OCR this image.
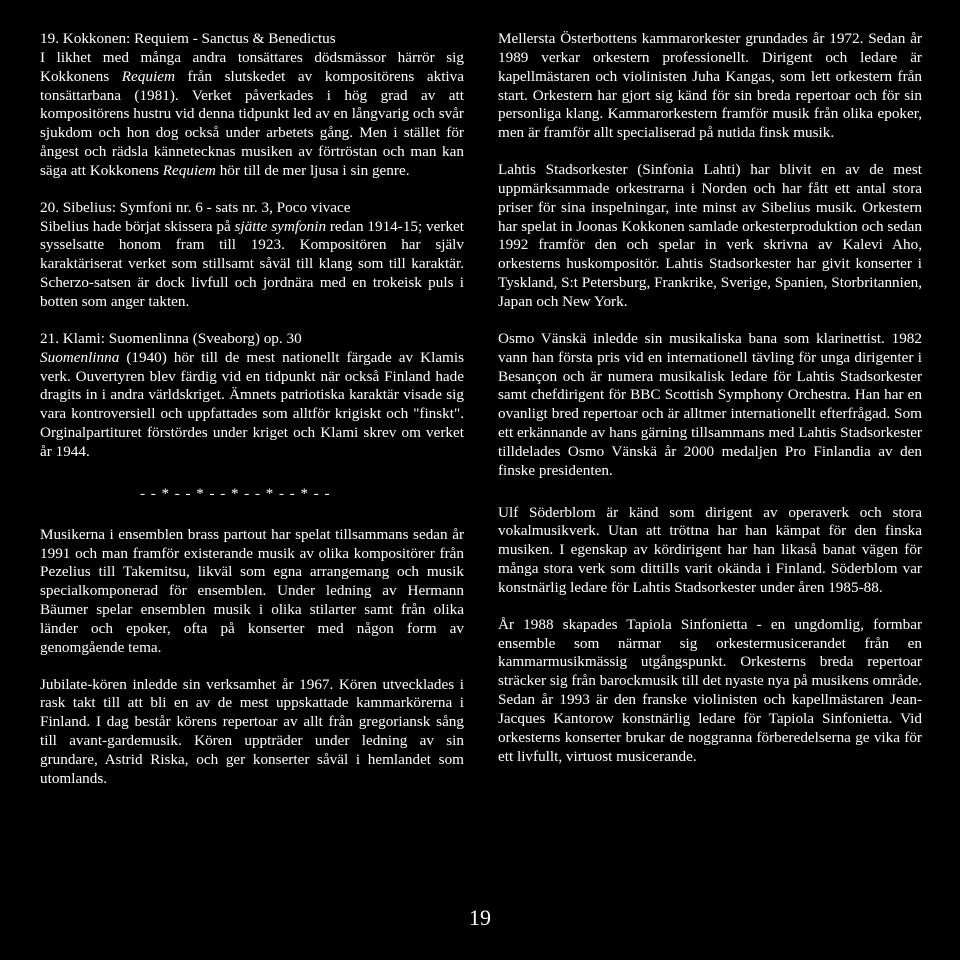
19. Kokkonen: Requiem - Sanctus & Benedictus
I likhet med många andra tonsättares dödsmässor härrör sig Kokkonens Requiem från slutskedet av kompositörens aktiva tonsättarbana (1981). Verket påverkades i hög grad av att kompositörens hustru vid denna tidpunkt led av en långvarig och svår sjukdom och hon dog också under arbetets gång. Men i stället för ångest och rädsla kännetecknas musiken av förtröstan och man kan säga att Kokkonens Requiem hör till de mer ljusa i sin genre.

20. Sibelius: Symfoni nr. 6 - sats nr. 3, Poco vivace
Sibelius hade börjat skissera på sjätte symfonin redan 1914-15; verket sysselsatte honom fram till 1923. Kompositören har själv karaktäriserat verket som stillsamt såväl till klang som till karaktär. Scherzo-satsen är dock livfull och jordnära med en trokeisk puls i botten som anger takten.

21. Klami: Suomenlinna (Sveaborg) op. 30
Suomenlinna (1940) hör till de mest nationellt färgade av Klamis verk. Ouvertyren blev färdig vid en tidpunkt när också Finland hade dragits in i andra världskriget. Ämnets patriotiska karaktär visade sig vara kontroversiell och uppfattades som alltför krigiskt och "finskt". Orginalpartituret förstördes under kriget och Klami skrev om verket år 1944.

- - * - - * - - * - - * - - * - -

Musikerna i ensemblen brass partout har spelat tillsammans sedan år 1991 och man framför existerande musik av olika kompositörer från Pezelius till Takemitsu, likväl som egna arrangemang och musik specialkomponerad för ensemblen. Under ledning av Hermann Bäumer spelar ensemblen musik i olika stilarter samt från olika länder och epoker, ofta på konserter med någon form av genomgående tema.

Jubilate-kören inledde sin verksamhet år 1967. Kören utvecklades i rask takt till att bli en av de mest uppskattade kammarkörerna i Finland. I dag består körens repertoar av allt från gregoriansk sång till avant-gardemusik. Kören uppträder under ledning av sin grundare, Astrid Riska, och ger konserter såväl i hemlandet som utomlands.

Mellersta Österbottens kammarorkester grundades år 1972. Sedan år 1989 verkar orkestern professionellt. Dirigent och ledare är kapellmästaren och violinisten Juha Kangas, som lett orkestern från start. Orkestern har gjort sig känd för sin breda repertoar och för sin personliga klang. Kammarorkestern framför musik från olika epoker, men är framför allt specialiserad på nutida finsk musik.

Lahtis Stadsorkester (Sinfonia Lahti) har blivit en av de mest uppmärksammade orkestrarna i Norden och har fått ett antal stora priser för sina inspelningar, inte minst av Sibelius musik. Orkestern har spelat in Joonas Kokkonen samlade orkesterproduktion och sedan 1992 framför den och spelar in verk skrivna av Kalevi Aho, orkesterns huskompositör. Lahtis Stadsorkester har givit konserter i Tyskland, S:t Petersburg, Frankrike, Sverige, Spanien, Storbritannien, Japan och New York.

Osmo Vänskä inledde sin musikaliska bana som klarinettist. 1982 vann han första pris vid en internationell tävling för unga dirigenter i Besançon och är numera musikalisk ledare för Lahtis Stadsorkester samt chefdirigent för BBC Scottish Symphony Orchestra. Han har en ovanligt bred repertoar och är alltmer internationellt efterfrågad. Som ett erkännande av hans gärning tillsammans med Lahtis Stadsorkester tilldelades Osmo Vänskä år 2000 medaljen Pro Finlandia av den finske presidenten.

Ulf Söderblom är känd som dirigent av operaverk och stora vokalmusikverk. Utan att tröttna har han kämpat för den finska musiken. I egenskap av kördirigent har han likaså banat vägen för många stora verk som dittills varit okända i Finland. Söderblom var konstnärlig ledare för Lahtis Stadsorkester under åren 1985-88.

År 1988 skapades Tapiola Sinfonietta - en ungdomlig, formbar ensemble som närmar sig orkestermusicerandet från en kammarmusikmässig utgångspunkt. Orkesterns breda repertoar sträcker sig från barockmusik till det nyaste nya på musikens område. Sedan år 1993 är den franske violinisten och kapellmästaren Jean-Jacques Kantorow konstnärlig ledare för Tapiola Sinfonietta. Vid orkesterns konserter brukar de noggranna förberedelserna ge vika för ett livfullt, virtuost musicerande.

19
